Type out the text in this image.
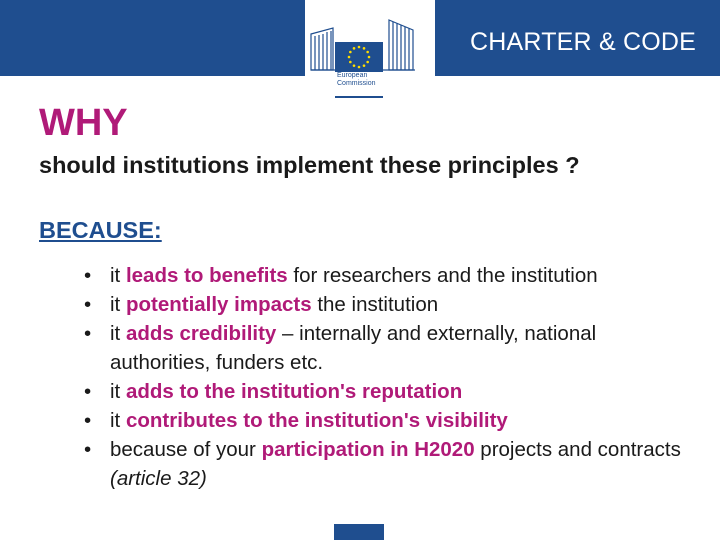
European
Commission
CHARTER & CODE
WHY
should institutions implement these principles ?
BECAUSE:
• it leads to benefits for researchers and the institution
• it potentially impacts the institution
• it adds credibility – internally and externally, national authorities, funders etc.
• it adds to the institution's reputation
• it contributes to the institution's visibility
• because of your participation in H2020 projects and contracts (article 32)
